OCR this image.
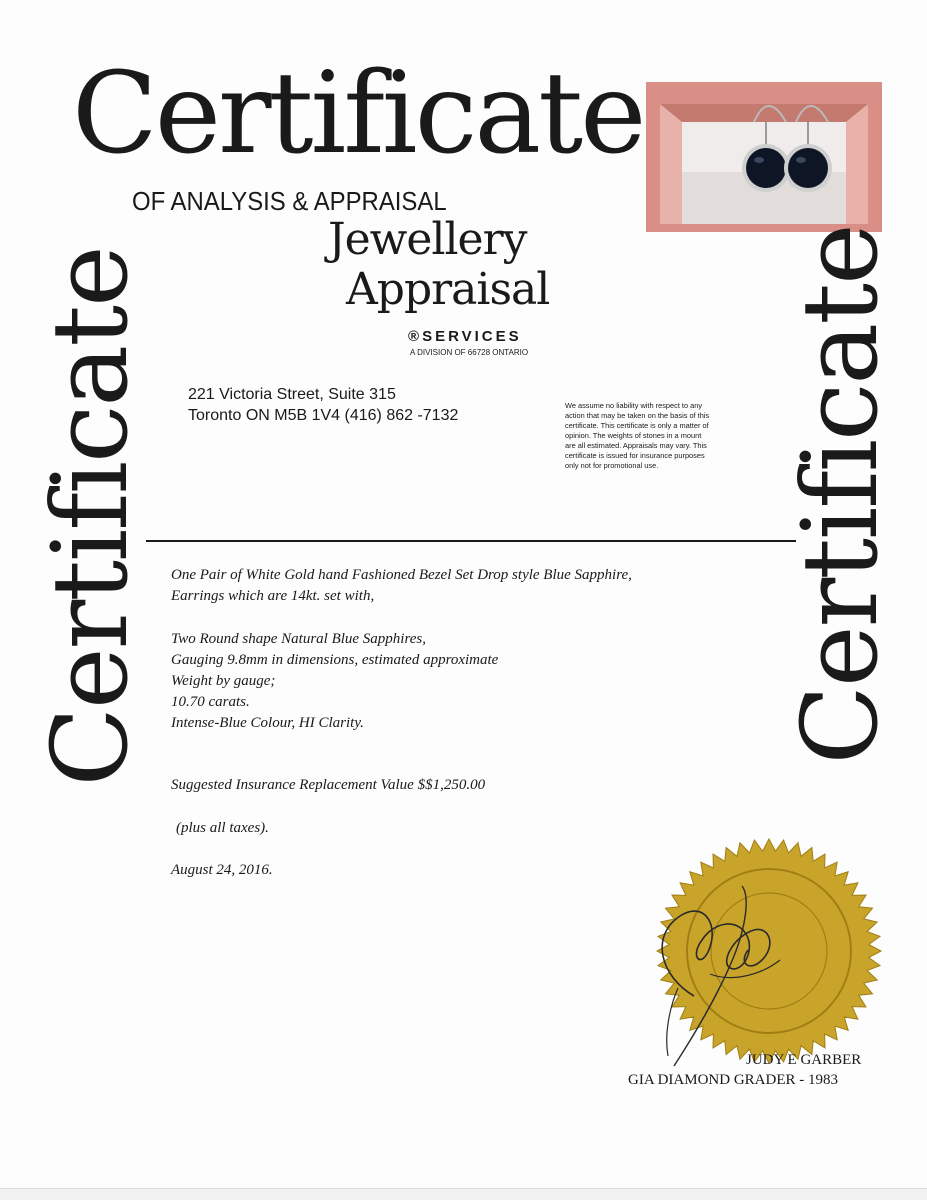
Certificate
OF ANALYSIS & APPRAISAL
Jewellery
Appraisal
®SERVICES
A DIVISION OF 66728 ONTARIO
221 Victoria Street, Suite 315
Toronto ON M5B 1V4 (416) 862 -7132
We assume no liability with respect to any
action that may be taken on the basis of this
certificate. This certificate is only a matter of
opinion. The weights of stones in a mount
are all estimated. Appraisals may vary. This
certificate is issued for insurance purposes
only not for promotional use.
Certificate	Certificate
One Pair of White Gold hand Fashioned Bezel Set Drop style Blue Sapphire,
Earrings which are 14kt. set with,
Two Round shape Natural Blue Sapphires,
Gauging 9.8mm in dimensions, estimated approximate
Weight by gauge;
10.70 carats.
Intense-Blue Colour, HI Clarity.
Suggested Insurance Replacement Value $$1,250.00
(plus all taxes).
August 24, 2016.
JUDY E GARBER
GIA DIAMOND GRADER - 1983
